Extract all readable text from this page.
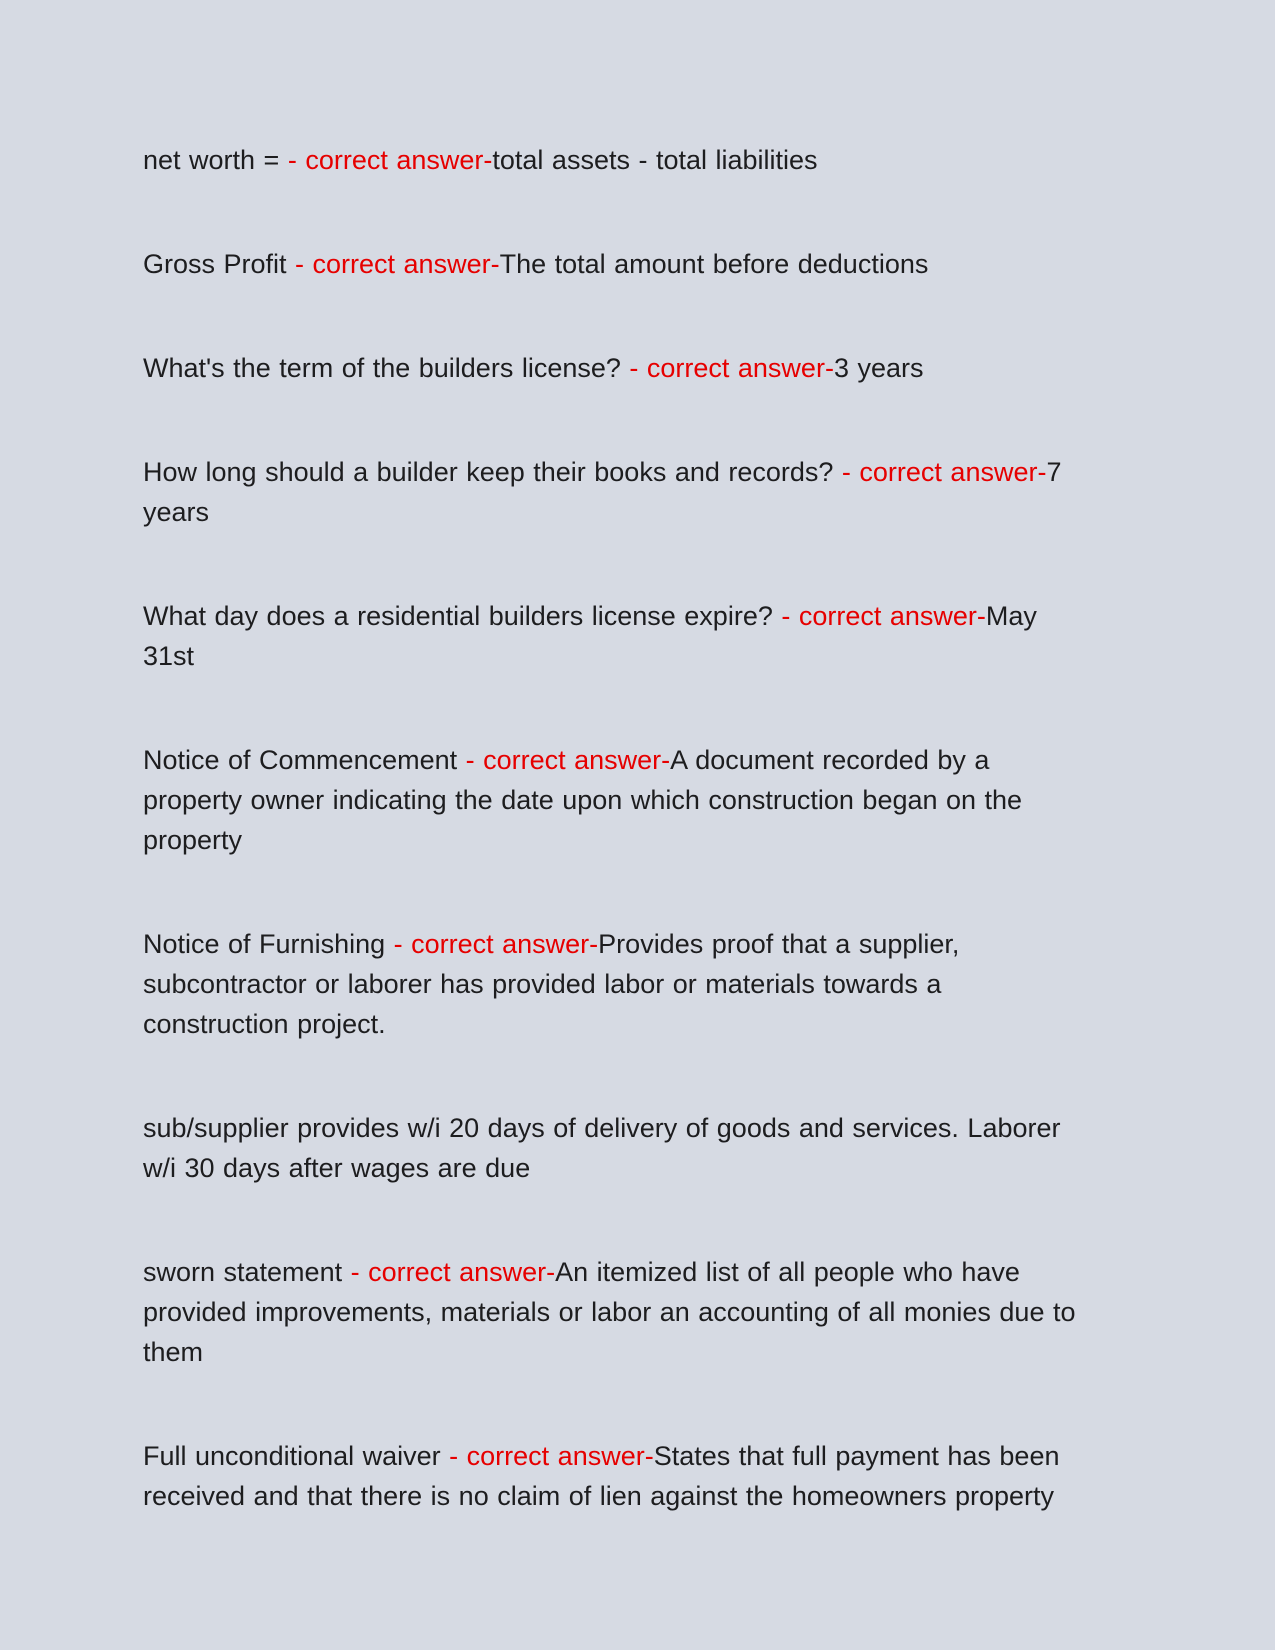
net worth = - correct answer-total assets - total liabilities

Gross Profit - correct answer-The total amount before deductions

What's the term of the builders license? - correct answer-3 years

How long should a builder keep their books and records? - correct answer-7 years

What day does a residential builders license expire? - correct answer-May 31st

Notice of Commencement - correct answer-A document recorded by a property owner indicating the date upon which construction began on the property

Notice of Furnishing - correct answer-Provides proof that a supplier, subcontractor or laborer has provided labor or materials towards a construction project.

sub/supplier provides w/i 20 days of delivery of goods and services. Laborer w/i 30 days after wages are due

sworn statement - correct answer-An itemized list of all people who have provided improvements, materials or labor an accounting of all monies due to them

Full unconditional waiver - correct answer-States that full payment has been received and that there is no claim of lien against the homeowners property
